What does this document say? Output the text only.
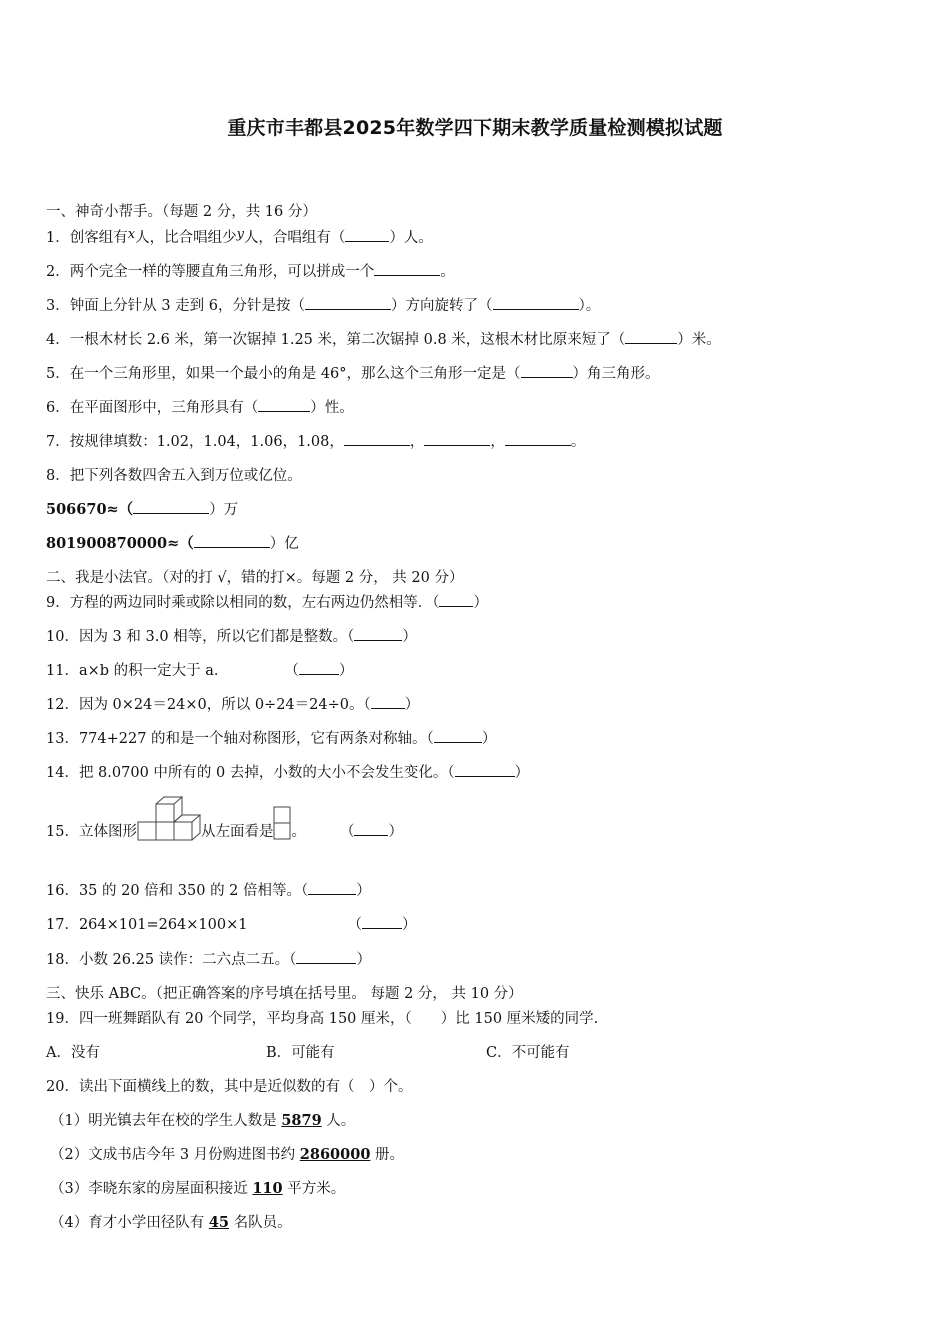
重庆市丰都县2025年数学四下期末教学质量检测模拟试题
一、神奇小帮手。（每题 2 分，共 16 分）
1．创客组有x人，比合唱组少y人，合唱组有（	）人。
2．两个完全一样的等腰直角三角形，可以拼成一个	。
3．钟面上分针从 3 走到 6，分针是按（	）方向旋转了（	）。
4．一根木材长 2.6 米，第一次锯掉 1.25 米，第二次锯掉 0.8 米，这根木材比原来短了（	）米。
5．在一个三角形里，如果一个最小的角是 46°，那么这个三角形一定是（	）角三角形。
6．在平面图形中，三角形具有（	）性。
7．按规律填数：1.02，1.04，1.06，1.08，	，	，	。
8．把下列各数四舍五入到万位或亿位。
506670≈（	）万
801900870000≈（	）亿
二、我是小法官。（对的打 √，错的打×。每题 2 分， 共 20 分）
9．方程的两边同时乘或除以相同的数，左右两边仍然相等．（ ）
10．因为 3 和 3.0 相等，所以它们都是整数。（	）
11．a×b 的积一定大于 a．	（	）
12．因为 0×24＝24×0，所以 0÷24＝24÷0。（ ）
13．774+227 的和是一个轴对称图形，它有两条对称轴。（	）
14．把 8.0700 中所有的 0 去掉，小数的大小不会发生变化。（	）
15．立体图形	从左面看是 。 （ ）
16．35 的 20 倍和 350 的 2 倍相等。（	）
17．264×101=264×100×1	（	）
18．小数 26.25 读作：二六点二五。（	）
三、快乐 ABC。（把正确答案的序号填在括号里。 每题 2 分， 共 10 分）
19．四一班舞蹈队有 20 个同学，平均身高 150 厘米，（　　）比 150 厘米矮的同学.
A．没有	B．可能有	C．不可能有
20．读出下面横线上的数，其中是近似数的有（　）个。
（1）明光镇去年在校的学生人数是 5879 人。
（2）文成书店今年 3 月份购进图书约 2860000 册。
（3）李晓东家的房屋面积接近 110 平方米。
（4）育才小学田径队有 45 名队员。
